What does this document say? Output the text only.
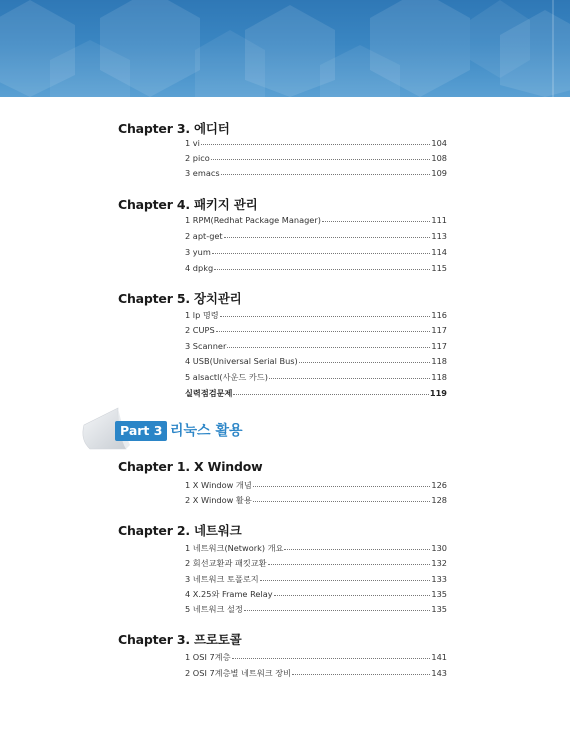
Chapter 3. 에디터
1 vi	104
2 pico	108
3 emacs	109
Chapter 4. 패키지 관리
1 RPM(Redhat Package Manager)	111
2 apt-get	113
3 yum	114
4 dpkg	115
Chapter 5. 장치관리
1 lp 명령	116
2 CUPS	117
3 Scanner	117
4 USB(Universal Serial Bus)	118
5 alsactl(사운드 카드)	118
실력점검문제	119
Part 3 리눅스 활용
Chapter 1. X Window
1 X Window 개념	126
2 X Window 활용	128
Chapter 2. 네트워크
1 네트워크(Network) 개요	130
2 회선교환과 패킷교환	132
3 네트워크 토폴로지	133
4 X.25와 Frame Relay	135
5 네트워크 설정	135
Chapter 3. 프로토콜
1 OSI 7계층	141
2 OSI 7계층별 네트워크 장비	143
